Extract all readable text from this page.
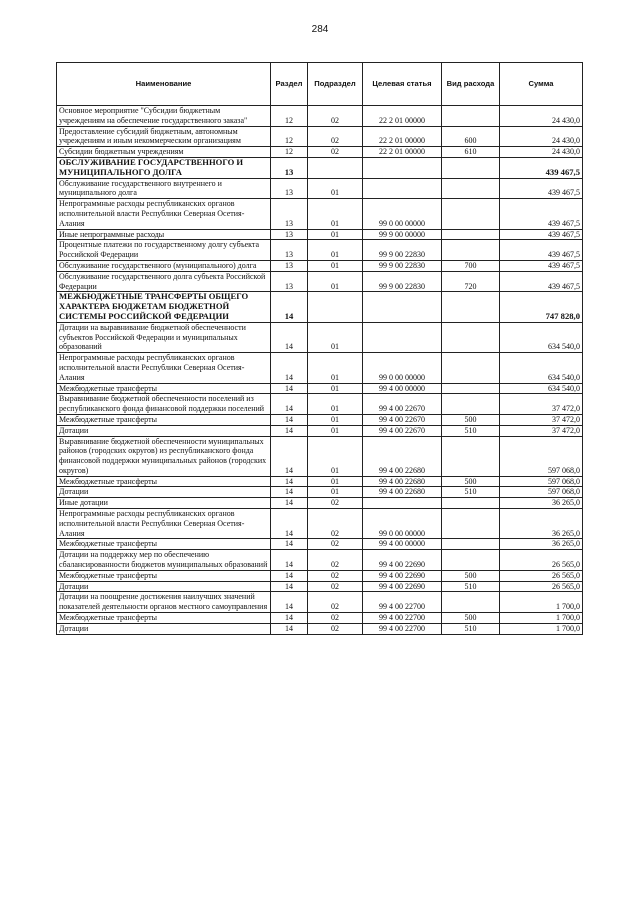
284
Наименование	Раздел	Подраздел	Целевая статья	Вид расхода	Сумма
Основное мероприятие "Субсидии бюджетным учреждениям на обеспечение государственного заказа"	12	02	22 2 01 00000		24 430,0
Предоставление субсидий бюджетным, автономным учреждениям и иным некоммерческим организациям	12	02	22 2 01 00000	600	24 430,0
Субсидии бюджетным учреждениям	12	02	22 2 01 00000	610	24 430,0
ОБСЛУЖИВАНИЕ ГОСУДАРСТВЕННОГО И МУНИЦИПАЛЬНОГО ДОЛГА	13				439 467,5
Обслуживание государственного внутреннего и муниципального долга	13	01			439 467,5
Непрограммные расходы республиканских органов исполнительной власти Республики Северная Осетия-Алания	13	01	99 0 00 00000		439 467,5
Иные непрограммные расходы	13	01	99 9 00 00000		439 467,5
Процентные платежи по государственному долгу субъекта Российской Федерации	13	01	99 9 00 22830		439 467,5
Обслуживание государственного (муниципального) долга	13	01	99 9 00 22830	700	439 467,5
Обслуживание государственного долга субъекта Российской Федерации	13	01	99 9 00 22830	720	439 467,5
МЕЖБЮДЖЕТНЫЕ ТРАНСФЕРТЫ ОБЩЕГО ХАРАКТЕРА БЮДЖЕТАМ БЮДЖЕТНОЙ СИСТЕМЫ РОССИЙСКОЙ ФЕДЕРАЦИИ	14				747 828,0
Дотации на выравнивание бюджетной обеспеченности субъектов Российской Федерации и муниципальных образований	14	01			634 540,0
Непрограммные расходы республиканских органов исполнительной власти Республики Северная Осетия-Алания	14	01	99 0 00 00000		634 540,0
Межбюджетные трансферты	14	01	99 4 00 00000		634 540,0
Выравнивание бюджетной обеспеченности поселений из республиканского фонда финансовой поддержки поселений	14	01	99 4 00 22670		37 472,0
Межбюджетные трансферты	14	01	99 4 00 22670	500	37 472,0
Дотации	14	01	99 4 00 22670	510	37 472,0
Выравнивание бюджетной обеспеченности муниципальных районов (городских округов) из республиканского фонда финансовой поддержки муниципальных районов (городских округов)	14	01	99 4 00 22680		597 068,0
Межбюджетные трансферты	14	01	99 4 00 22680	500	597 068,0
Дотации	14	01	99 4 00 22680	510	597 068,0
Иные дотации	14	02			36 265,0
Непрограммные расходы республиканских органов исполнительной власти Республики Северная Осетия-Алания	14	02	99 0 00 00000		36 265,0
Межбюджетные трансферты	14	02	99 4 00 00000		36 265,0
Дотации на поддержку мер по обеспечению сбалансированности бюджетов муниципальных образований	14	02	99 4 00 22690		26 565,0
Межбюджетные трансферты	14	02	99 4 00 22690	500	26 565,0
Дотации	14	02	99 4 00 22690	510	26 565,0
Дотации на поощрение достижения наилучших значений показателей деятельности органов местного самоуправления	14	02	99 4 00 22700		1 700,0
Межбюджетные трансферты	14	02	99 4 00 22700	500	1 700,0
Дотации	14	02	99 4 00 22700	510	1 700,0
